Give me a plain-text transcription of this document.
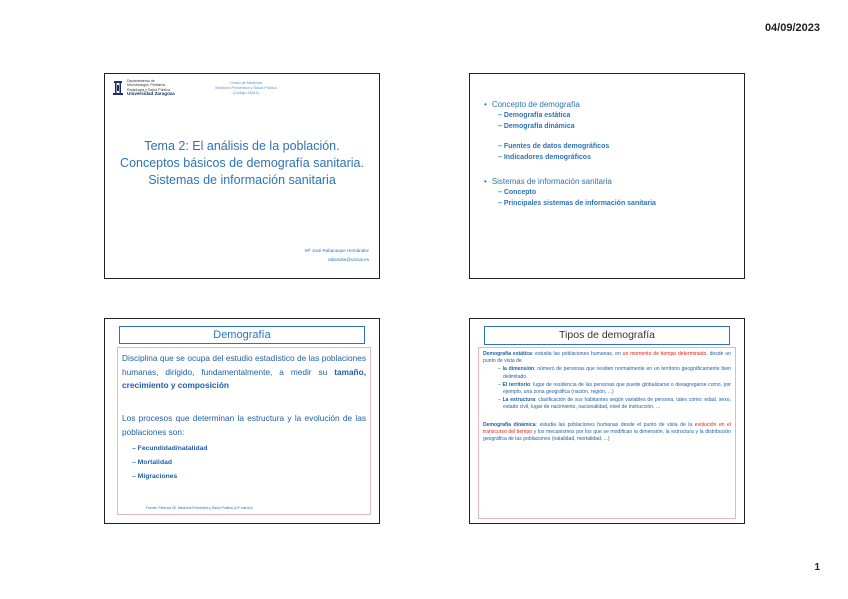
04/09/2023
Departamento de
Microbiología, Pediatría,
Radiología y Salud Pública
Universidad Zaragoza
Grado de Medicina
Medicina Preventiva y Salud Pública
(Código 26811)
Tema 2: El análisis de la población. Conceptos básicos de demografía sanitaria. Sistemas de información sanitaria
Mª José Rabanaque Hernández
rabanake@unizar.es
• Concepto de demografía
– Demografía estática
– Demografía dinámica
– Fuentes de datos demográficos
– Indicadores demográficos
• Sistemas de información sanitaria
– Concepto
– Principales sistemas de información sanitaria
Demografía
Disciplina que se ocupa del estudio estadístico de las poblaciones humanas, dirigido, fundamentalmente, a medir su tamaño, crecimiento y composición
Los procesos que determinan la estructura y la evolución de las poblaciones son:
– Fecundidad/natalidad
– Mortalidad
– Migraciones
Fuente: Piédrola Gil. Medicina Preventiva y Salud Pública (12ª edición)
Tipos de demografía
Demografía estática: estudia las poblaciones humanas, en un momento de tiempo determinado, desde un punto de vista de
– la dimensión: número de personas que residen normalmente en un territorio geográficamente bien delimitado.
– El territorio: lugar de residencia de las personas que puede globalizarse o desagregarse como, por ejemplo, una zona geográfica (nación, región, ...)
– La estructura: clasificación de sus habitantes según variables de persona, tales como: edad, sexo, estado civil, lugar de nacimiento, nacionalidad, nivel de instrucción, ...
Demografía dinámica: estudia las poblaciones humanas desde el punto de vista de la evolución en el transcurso del tiempo y los mecanismos por los que se modifican la dimensión, la estructura y la distribución geográfica de las poblaciones (natalidad, mortalidad, ...)
1
